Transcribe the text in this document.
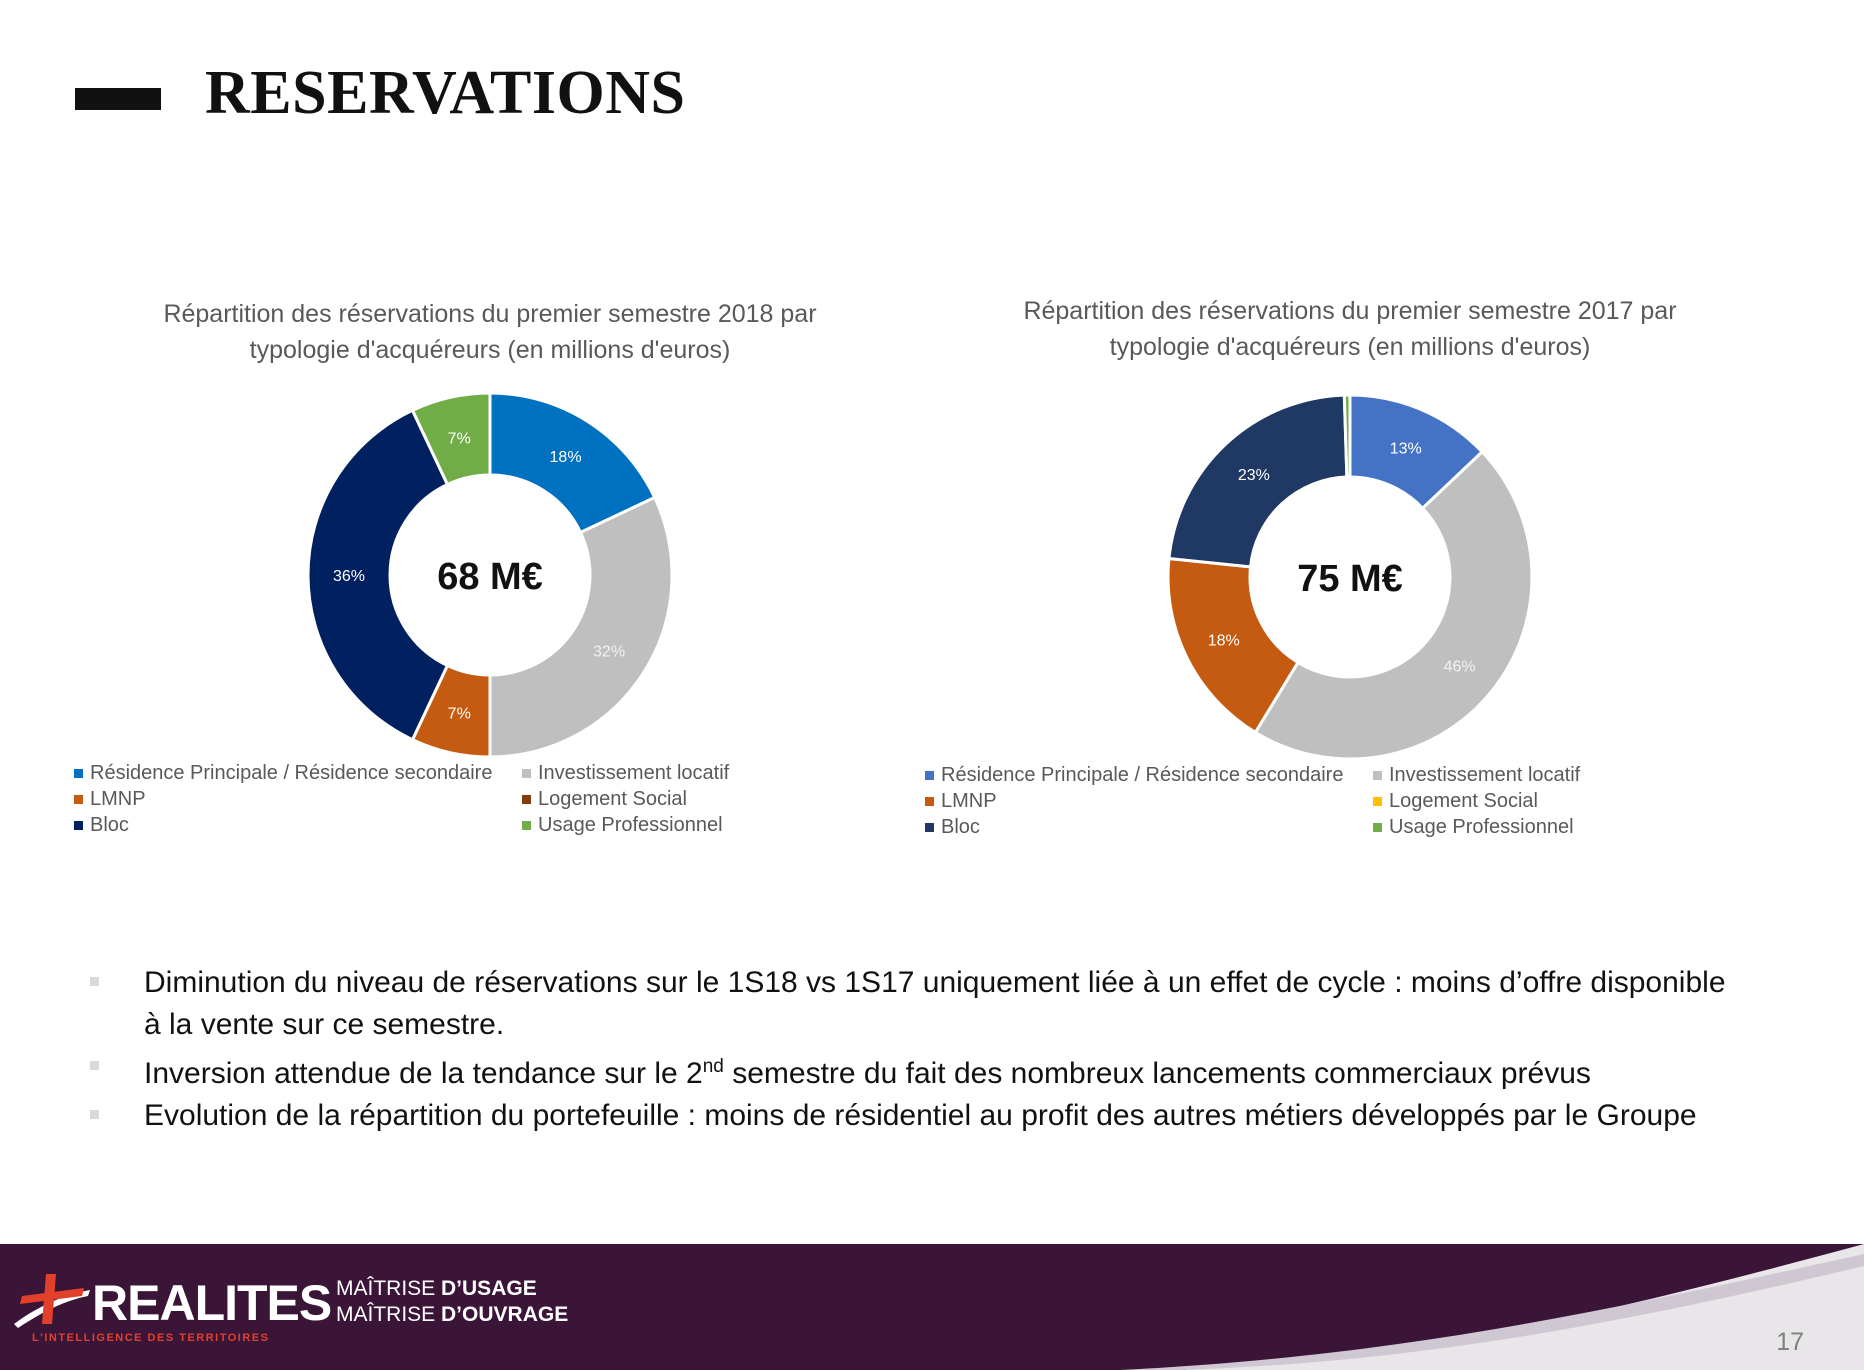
RESERVATIONS
Répartition des réservations du premier semestre 2018 par
typologie d'acquéreurs (en millions d'euros)
18%
32%
7%
36%
7%
68 M€
Résidence Principale / Résidence secondaire Investissement locatif
LMNP	Logement Social
Bloc	Usage Professionnel
Répartition des réservations du premier semestre 2017 par
typologie d'acquéreurs (en millions d'euros)
13%
46%
18%
23%
75 M€
Résidence Principale / Résidence secondaire Investissement locatif
LMNP	Logement Social
Bloc	Usage Professionnel
Diminution du niveau de réservations sur le 1S18 vs 1S17 uniquement liée à un effet de cycle : moins d’offre disponible à la vente sur ce semestre.
Inversion attendue de la tendance sur le 2nd semestre du fait des nombreux lancements commerciaux prévus
Evolution de la répartition du portefeuille : moins de résidentiel au profit des autres métiers développés par le Groupe
REALITES
L'INTELLIGENCE DES TERRITOIRES
MAÎTRISE D’USAGE
MAÎTRISE D’OUVRAGE
17
